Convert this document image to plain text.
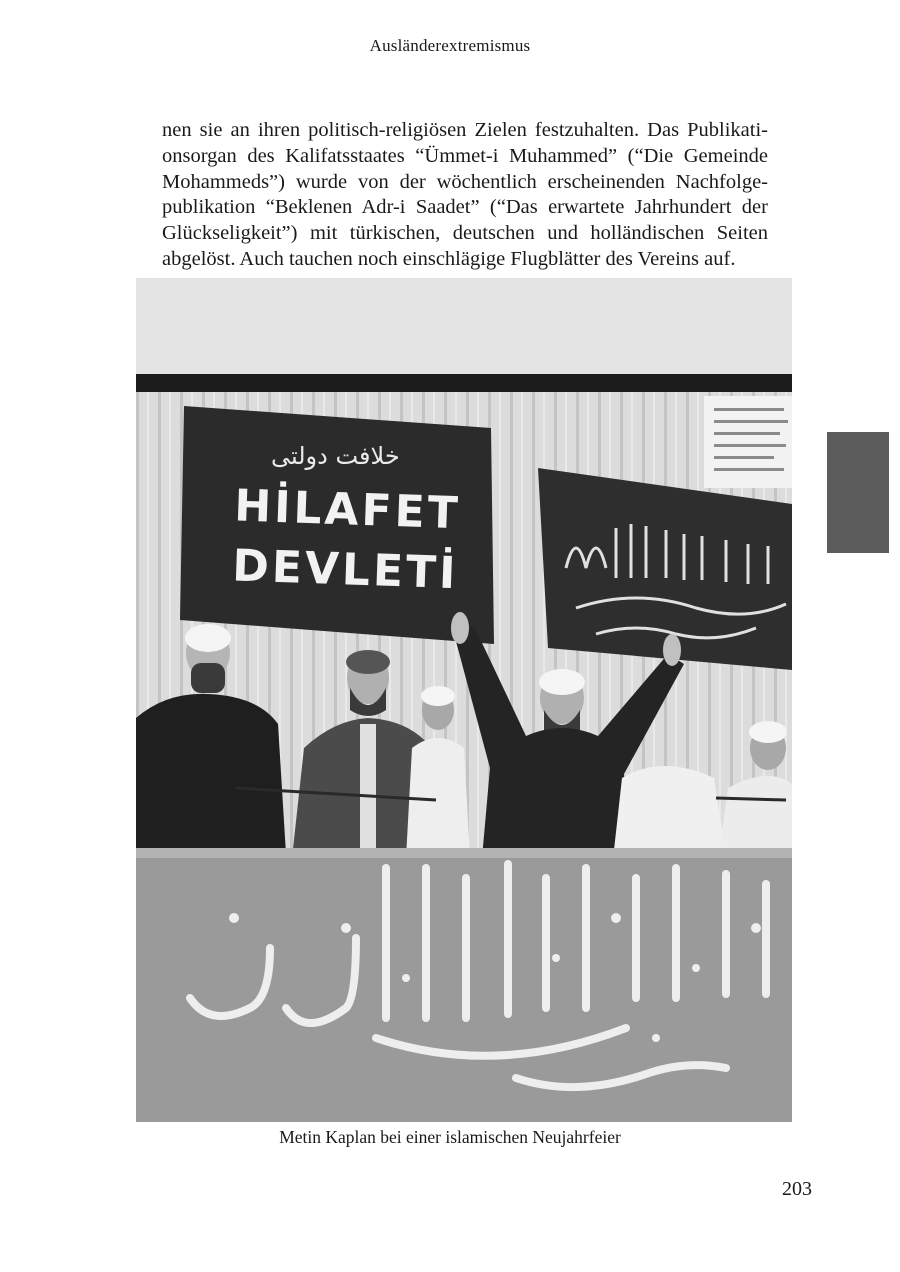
Ausländerextremismus
nen sie an ihren politisch-religiösen Zielen festzuhalten. Das Publikati-
onsorgan des Kalifatsstaates “Ümmet-i Muhammed” (“Die Gemeinde
Mohammeds”) wurde von der wöchentlich erscheinenden Nachfolge-
publikation “Beklenen Adr-i Saadet” (“Das erwartete Jahrhundert der
Glückseligkeit”) mit türkischen, deutschen und holländischen Seiten
abgelöst. Auch tauchen noch einschlägige Flugblätter des Vereins auf.
خلافت دولتی
HİLAFET
DEVLETİ
Metin Kaplan bei einer islamischen Neujahrfeier
203
